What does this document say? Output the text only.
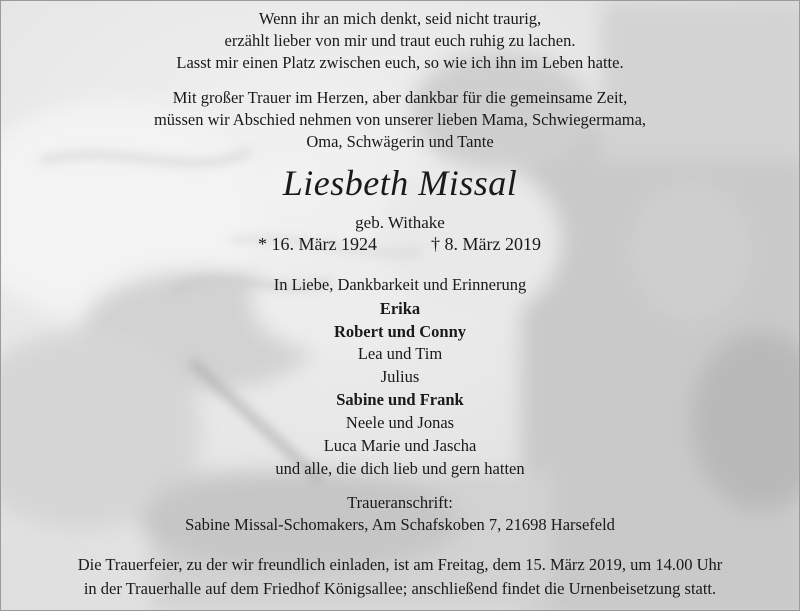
Wenn ihr an mich denkt, seid nicht traurig,
erzählt lieber von mir und traut euch ruhig zu lachen.
Lasst mir einen Platz zwischen euch, so wie ich ihn im Leben hatte.
Mit großer Trauer im Herzen, aber dankbar für die gemeinsame Zeit,
müssen wir Abschied nehmen von unserer lieben Mama, Schwiegermama,
Oma, Schwägerin und Tante
Liesbeth Missal
geb. Withake
* 16. März 1924	† 8. März 2019
In Liebe, Dankbarkeit und Erinnerung
Erika
Robert und Conny
Lea und Tim
Julius
Sabine und Frank
Neele und Jonas
Luca Marie und Jascha
und alle, die dich lieb und gern hatten
Traueranschrift:
Sabine Missal-Schomakers, Am Schafskoben 7, 21698 Harsefeld
Die Trauerfeier, zu der wir freundlich einladen, ist am Freitag, dem 15. März 2019, um 14.00 Uhr
in der Trauerhalle auf dem Friedhof Königsallee; anschließend findet die Urnenbeisetzung statt.
